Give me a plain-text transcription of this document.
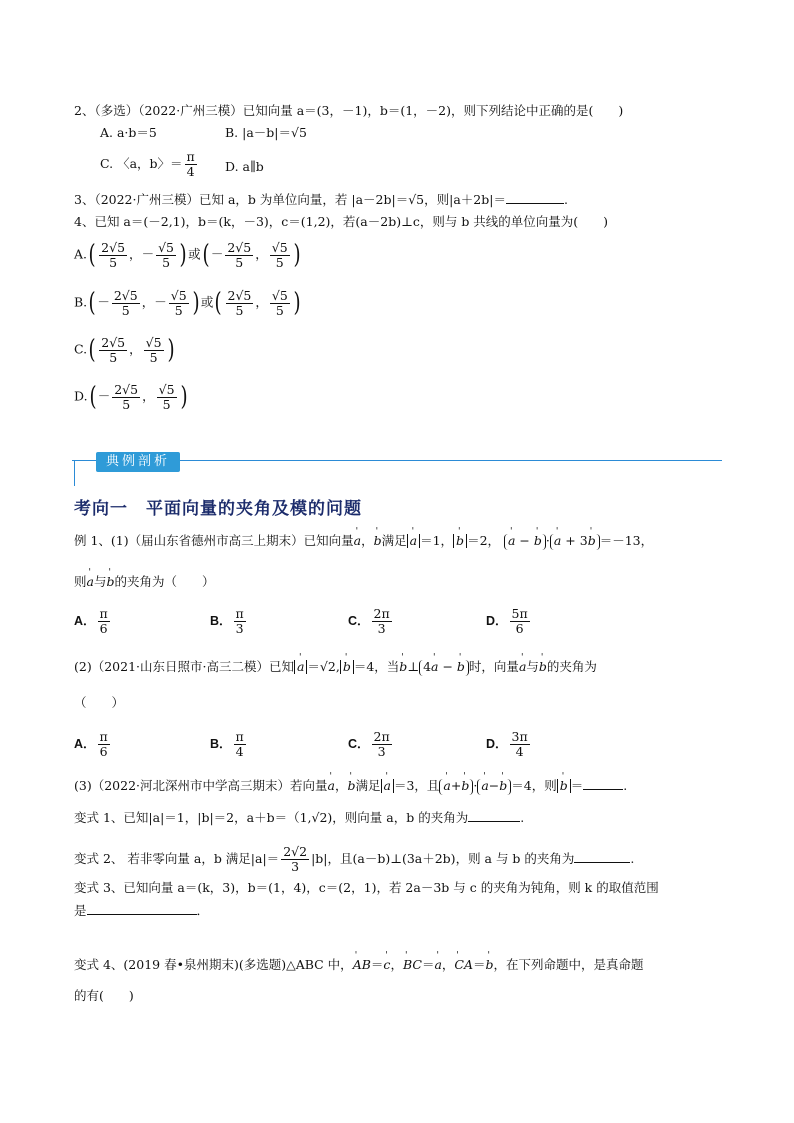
2、（多选）（2022·广州三模）已知向量 a＝(3，－1)，b＝(1，－2)，则下列结论中正确的是(　　)
A. a·b＝5	B. |a－b|＝√5
C. 〈a，b〉＝ $\frac{\pi}{4} D$. a∥b
3、（2022·广州三模）已知 a，b 为单位向量，若 |a－2b|＝√5，则|a＋2b|＝	.
4、已知 a＝(－2,1)，b＝(k，－3)，c＝(1,2)，若(a－2b)⊥c，则与 b 共线的单位向量为(　　)
$A.( \frac{2√5}{5}$ ，－ $\frac{√5}{5}$ ) 或( － $\frac{2√5}{5}$ ， $\frac{√5}{5}$ )
$B.( - \frac{2√5}{5}$ ，－ $\frac{√5}{5}$ ) 或( $\frac{2√5}{5}$ ， $\frac{√5}{5}$ )
$C.( \frac{2√5}{5}$ ， $\frac{√5}{5}$ )
$D.( - \frac{2√5}{5}$ ， $\frac{√5}{5}$ )
典例剖析
考向一　平面向量的夹角及模的问题
例 1、(1)（届山东省德州市高三上期末）已知向量' a，' b满足 ' a ＝1， ' b ＝2， ' a − ' b · ' a + 3' b ＝－13，
则' a与' b的夹角为（　　）
A． $\frac{\pi}{6}$	B． $\frac{\pi}{3}$	C． $\frac{2\pi}{3}$	D． $\frac{5\pi}{6}$
(2)（2021·山东日照市·高三二模）已知 ' a ＝√2, ' b ＝4，当' b⊥ 4' a − ' b 时，向量' a与' b的夹角为
（　　）
A． $\frac{\pi}{6}$	B． $\frac{\pi}{4}$	C． $\frac{2\pi}{3}$	D． $\frac{3\pi}{4}$
(3)（2022·河北深州市中学高三期末）若向量' a，' b满足 ' a ＝3，且 ' a+' b · ' a−' b ＝4，则 ' b ＝	.
变式 1、已知|a|＝1，|b|＝2，a＋b＝（1,√2)，则向量 a，b 的夹角为	.
变式 2、 若非零向量 a，b 满足$|a|= \frac{2√2}{3} |b|$，且(a－b)⊥(3a＋2b)，则 a 与 b 的夹角为	.
变式 3、已知向量 a＝(k，3)，b＝(1，4)，c＝(2，1)，若 2a－3b 与 c 的夹角为钝角，则 k 的取值范围
是	．
变式 4、(2019 春•泉州期末)(多选题)△ABC 中，' AB＝' c，' BC＝' a，' CA＝' b，在下列命题中，是真命题
的有(　　)
